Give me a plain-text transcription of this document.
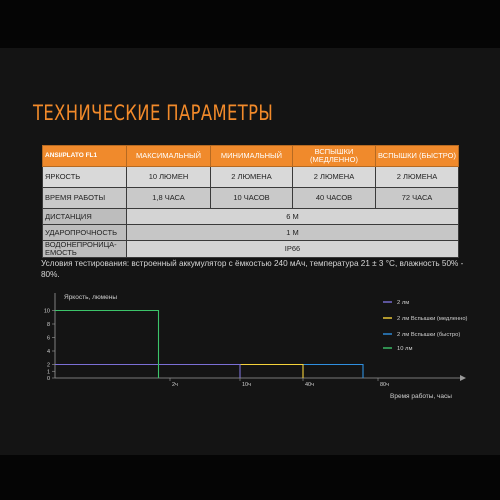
ТЕХНИЧЕСКИЕ ПАРАМЕТРЫ
ANSI/PLATO FL1	МАКСИМАЛЬНЫЙ	МИНИМАЛЬНЫЙ	ВСПЫШКИ (МЕДЛЕННО)	ВСПЫШКИ (БЫСТРО)
ЯРКОСТЬ	10 ЛЮМЕН	2 ЛЮМЕНА	2 ЛЮМЕНА	2 ЛЮМЕНА
ВРЕМЯ РАБОТЫ	1,8 ЧАСА	10 ЧАСОВ	40 ЧАСОВ	72 ЧАСА
ДИСТАНЦИЯ	6 М			
УДАРОПРОЧНОСТЬ	1 М			
ВОДОНЕПРОНИЦА-ЕМОСТЬ	IP66			
Условия тестирования: встроенный аккумулятор с ёмкостью 240 мАч, температура 21 ± 3 °С, влажность 50% - 80%.
Яркость, люмены
Время работы, часы
0
1
2
4
6
8
10
2ч	10ч	40ч	80ч
2 лм
2 лм Вспышки (медленно)
2 лм Вспышки (быстро)
10 лм
